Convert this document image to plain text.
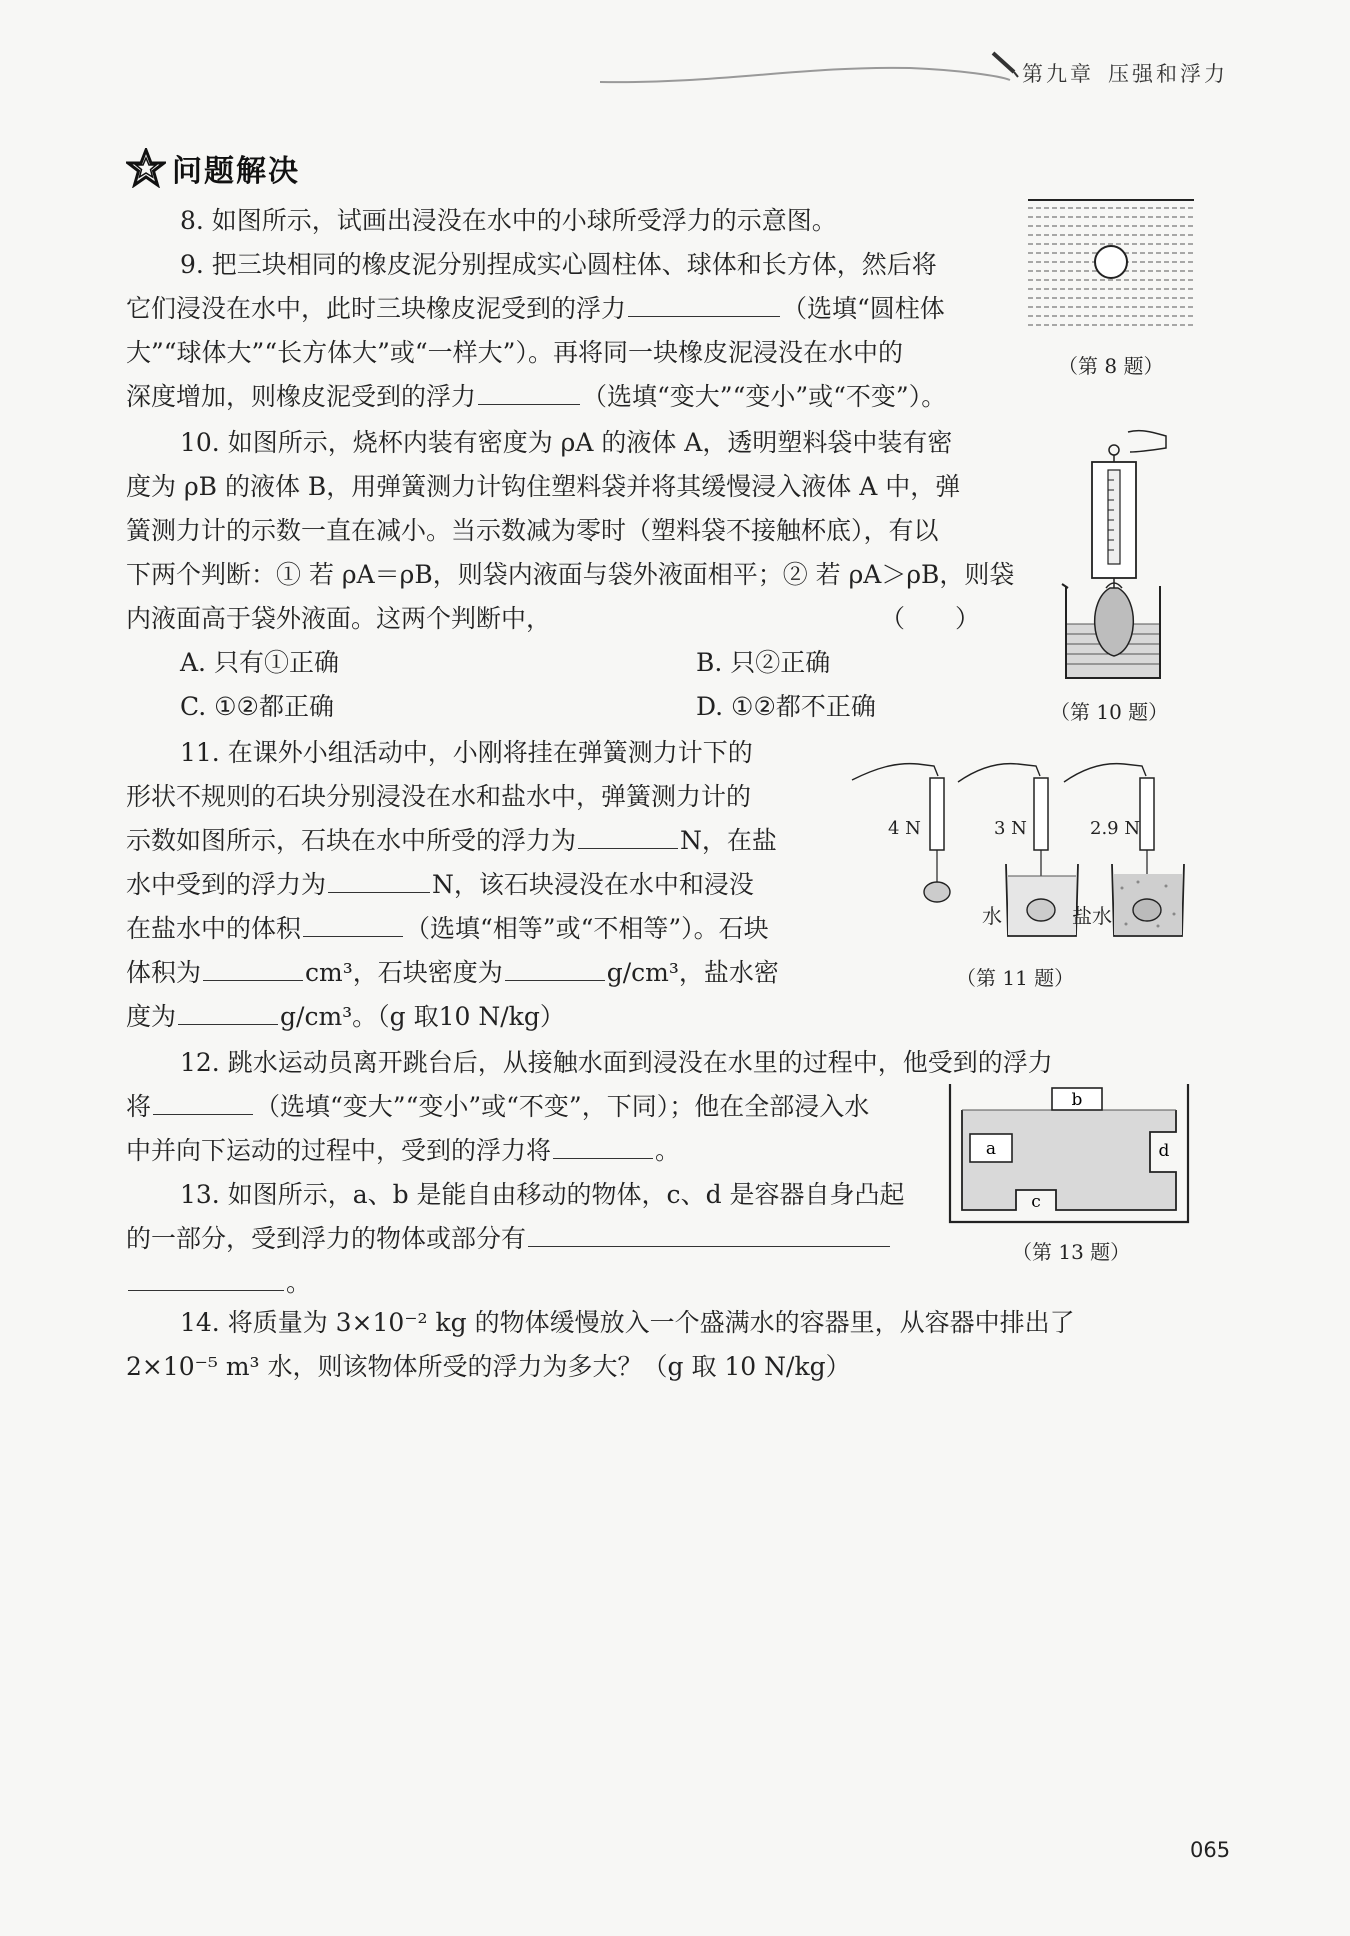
第九章 压强和浮力
问题解决
8. 如图所示，试画出浸没在水中的小球所受浮力的示意图。
（第 8 题）
9. 把三块相同的橡皮泥分别捏成实心圆柱体、球体和长方体，然后将
它们浸没在水中，此时三块橡皮泥受到的浮力	（选填“圆柱体
大”“球体大”“长方体大”或“一样大”）。再将同一块橡皮泥浸没在水中的
深度增加，则橡皮泥受到的浮力	（选填“变大”“变小”或“不变”）。
10. 如图所示，烧杯内装有密度为 ρA 的液体 A，透明塑料袋中装有密
度为 ρB 的液体 B，用弹簧测力计钩住塑料袋并将其缓慢浸入液体 A 中，弹
簧测力计的示数一直在减小。当示数减为零时（塑料袋不接触杯底），有以
下两个判断：① 若 ρA＝ρB，则袋内液面与袋外液面相平；② 若 ρA＞ρB，则袋
内液面高于袋外液面。这两个判断中，	（　　）
A. 只有①正确	B. 只②正确
C. ①②都正确	D. ①②都不正确	（第 10 题）
11. 在课外小组活动中，小刚将挂在弹簧测力计下的
形状不规则的石块分别浸没在水和盐水中，弹簧测力计的
示数如图所示，石块在水中所受的浮力为	N，在盐
水中受到的浮力为	N，该石块浸没在水中和浸没
在盐水中的体积	（选填“相等”或“不相等”）。石块
体积为	cm³，石块密度为	g/cm³，盐水密
度为	g/cm³。（g 取10 N/kg）
4 N	3 N	2.9 N
水	盐水
（第 11 题）
12. 跳水运动员离开跳台后，从接触水面到浸没在水里的过程中，他受到的浮力
将	（选填“变大”“变小”或“不变”，下同）；他在全部浸入水
中并向下运动的过程中，受到的浮力将	。
13. 如图所示，a、b 是能自由移动的物体，c、d 是容器自身凸起
的一部分，受到浮力的物体或部分有
。
b
a
c
d
（第 13 题）
14. 将质量为 3×10⁻² kg 的物体缓慢放入一个盛满水的容器里，从容器中排出了
2×10⁻⁵ m³ 水，则该物体所受的浮力为多大？（g 取 10 N/kg）
065
